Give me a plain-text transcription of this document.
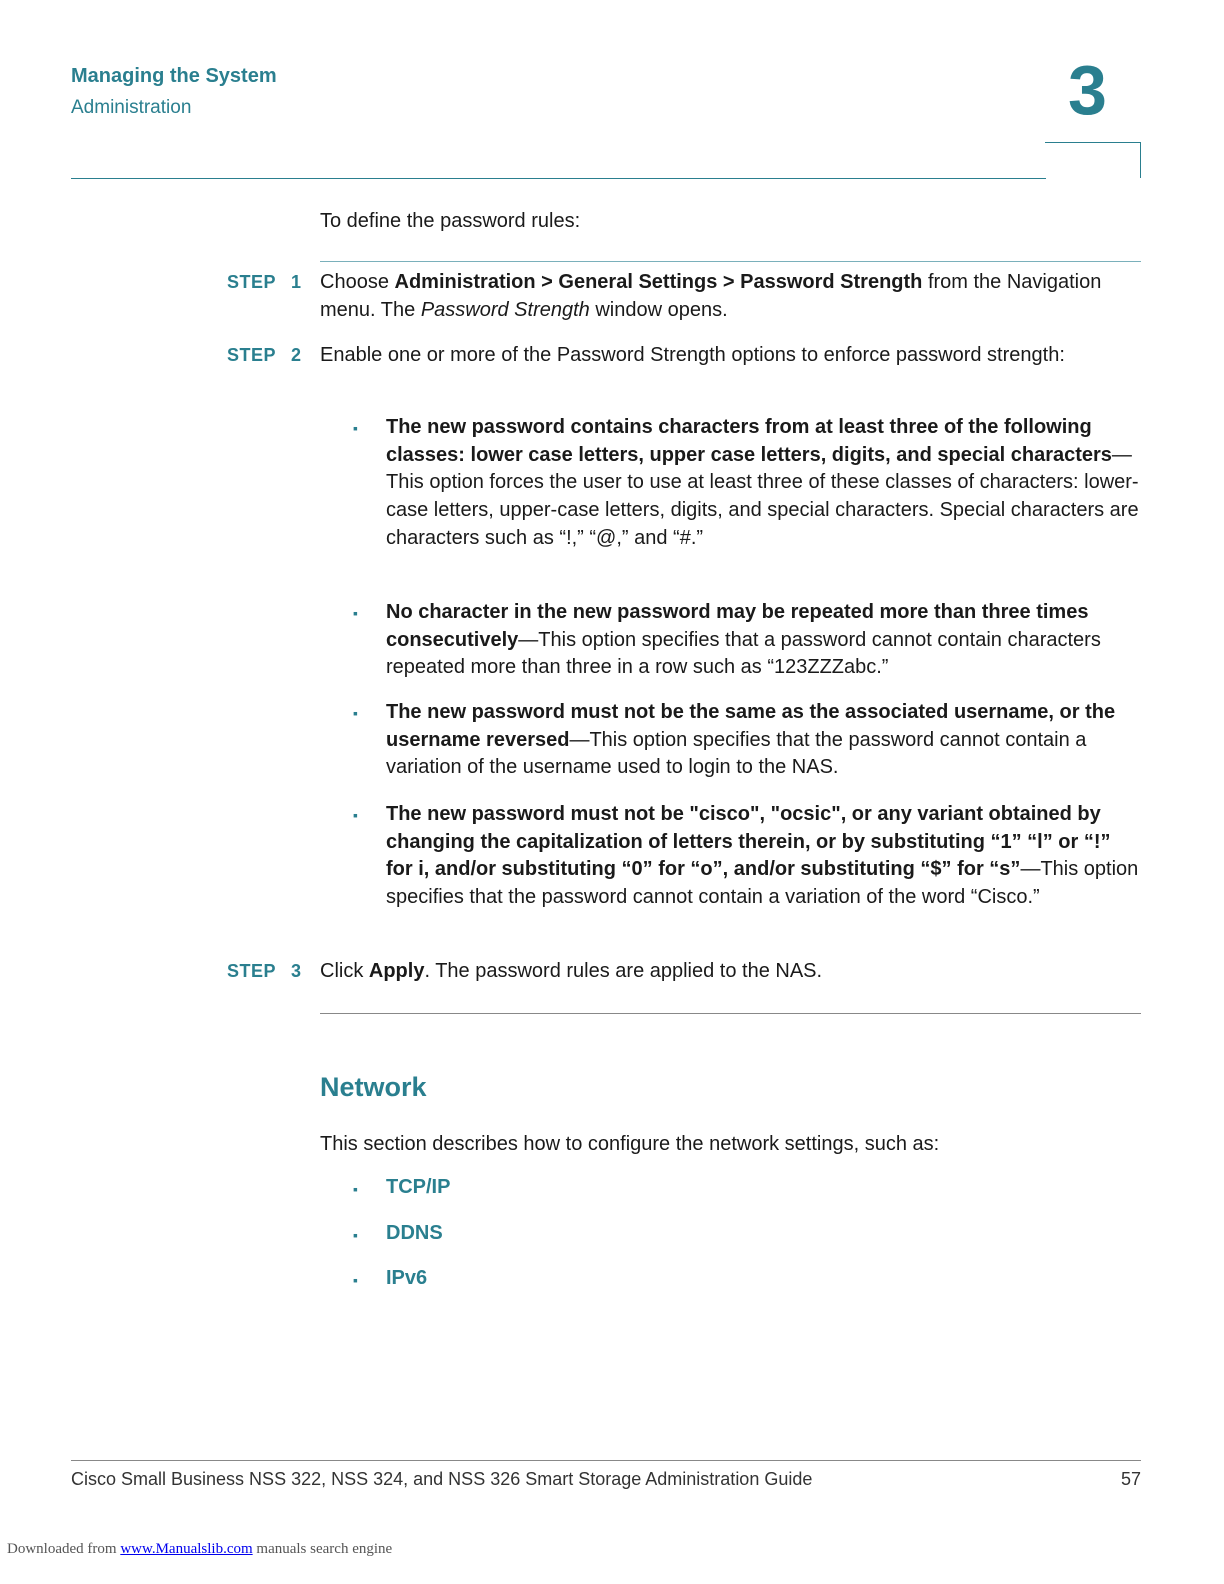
Managing the System
Administration	3
To define the password rules:
STEP 1 Choose Administration > General Settings > Password Strength from the Navigation menu. The Password Strength window opens.
STEP 2 Enable one or more of the Password Strength options to enforce password strength:
▪ The new password contains characters from at least three of the following classes: lower case letters, upper case letters, digits, and special characters—This option forces the user to use at least three of these classes of characters: lower-case letters, upper-case letters, digits, and special characters. Special characters are characters such as “!,” “@,” and “#.”
▪ No character in the new password may be repeated more than three times consecutively—This option specifies that a password cannot contain characters repeated more than three in a row such as “123ZZZabc.”
▪ The new password must not be the same as the associated username, or the username reversed—This option specifies that the password cannot contain a variation of the username used to login to the NAS.
▪ The new password must not be "cisco", "ocsic", or any variant obtained by changing the capitalization of letters therein, or by substituting “1” “l” or “!” for i, and/or substituting “0” for “o”, and/or substituting “$” for “s”—This option specifies that the password cannot contain a variation of the word “Cisco.”
STEP 3 Click Apply. The password rules are applied to the NAS.
Network
This section describes how to configure the network settings, such as:
▪ TCP/IP
▪ DDNS
▪ IPv6
Cisco Small Business NSS 322, NSS 324, and NSS 326 Smart Storage Administration Guide	57
Downloaded from www.Manualslib.com manuals search engine
